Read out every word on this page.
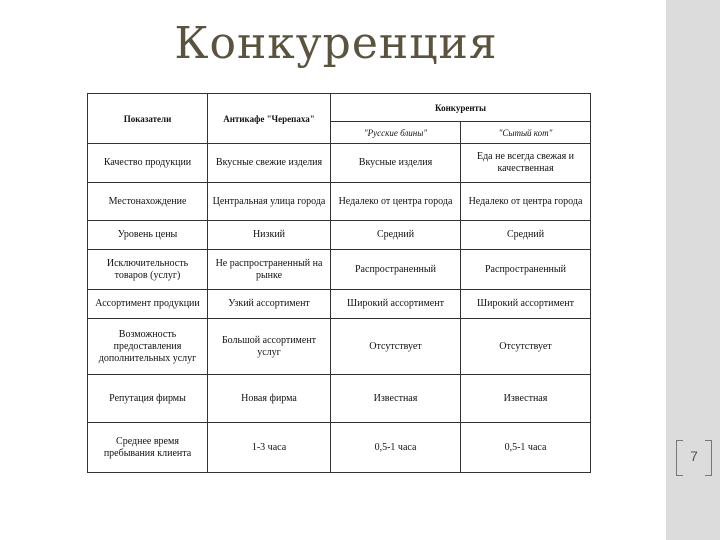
Конкуренция
Показатели	Антикафе "Черепаха"	Конкуренты	
		"Русские блины"	"Сытый кот"
Качество продукции	Вкусные свежие изделия	Вкусные изделия	Еда не всегда свежая и качественная
Местонахождение	Центральная улица города	Недалеко от центра города	Недалеко от центра города
Уровень цены	Низкий	Средний	Средний
Исключительность товаров (услуг)	Не распространенный на рынке	Распространенный	Распространенный
Ассортимент продукции	Узкий ассортимент	Широкий ассортимент	Широкий ассортимент
Возможность предоставления дополнительных услуг	Большой ассортимент услуг	Отсутствует	Отсутствует
Репутация фирмы	Новая фирма	Известная	Известная
Среднее время пребывания клиента	1-3 часа	0,5-1 часа	0,5-1 часа
7
